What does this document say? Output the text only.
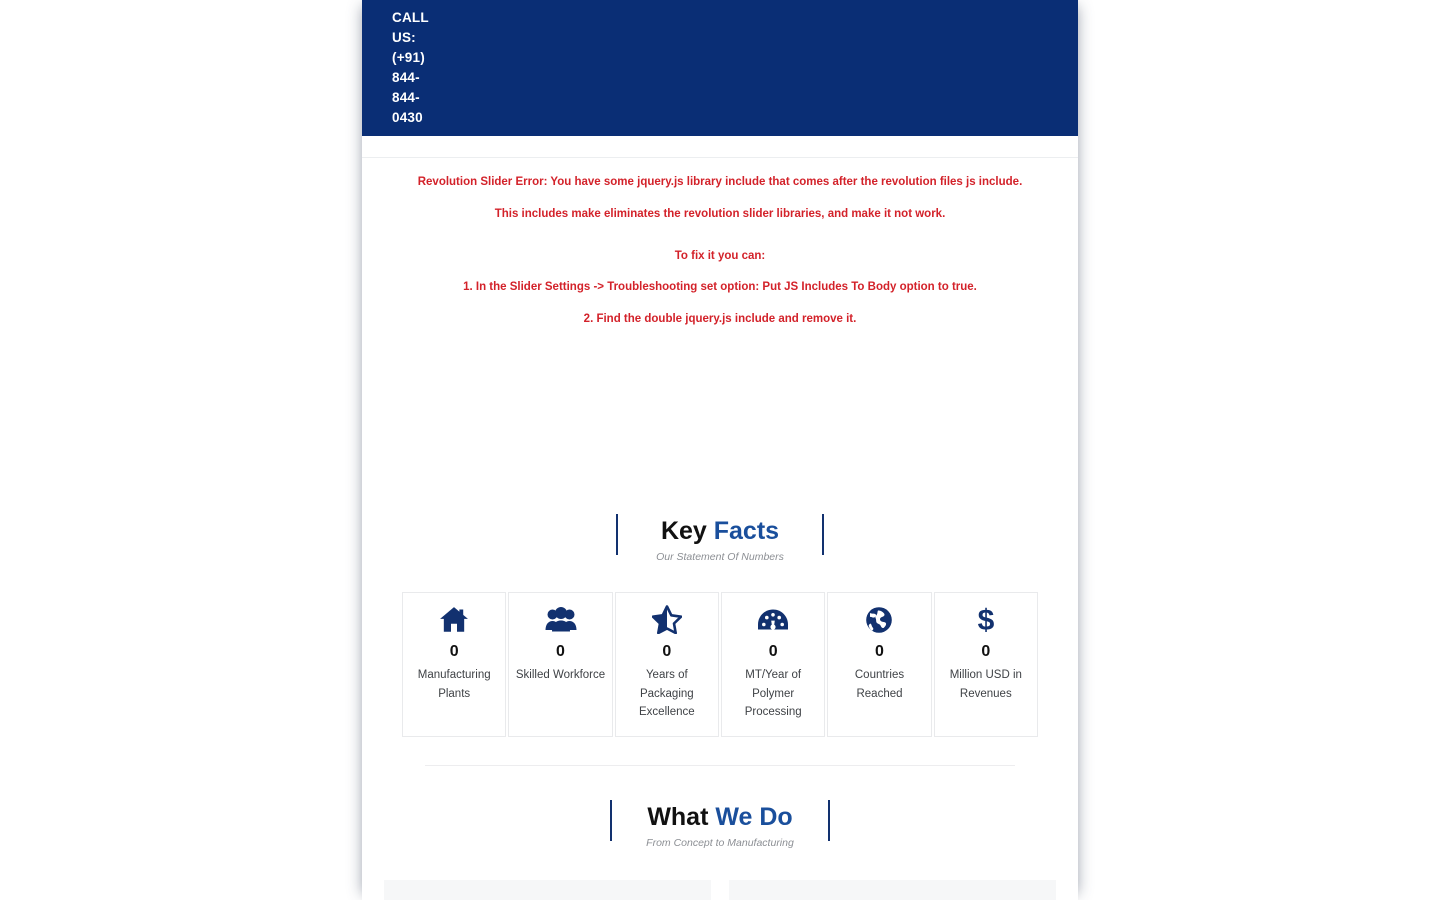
CALL
US:
(+91)
844-
844-
0430

Revolution Slider Error: You have some jquery.js library include that comes after the revolution files js include.

This includes make eliminates the revolution slider libraries, and make it not work.

To fix it you can:

1. In the Slider Settings -> Troubleshooting set option: Put JS Includes To Body option to true.

2. Find the double jquery.js include and remove it.

Key Facts
Our Statement Of Numbers
0
Manufacturing Plants
0
Skilled Workforce
0
Years of Packaging Excellence
0
MT/Year of Polymer Processing
0
Countries Reached
$
0
Million USD in Revenues
What We Do
From Concept to Manufacturing
